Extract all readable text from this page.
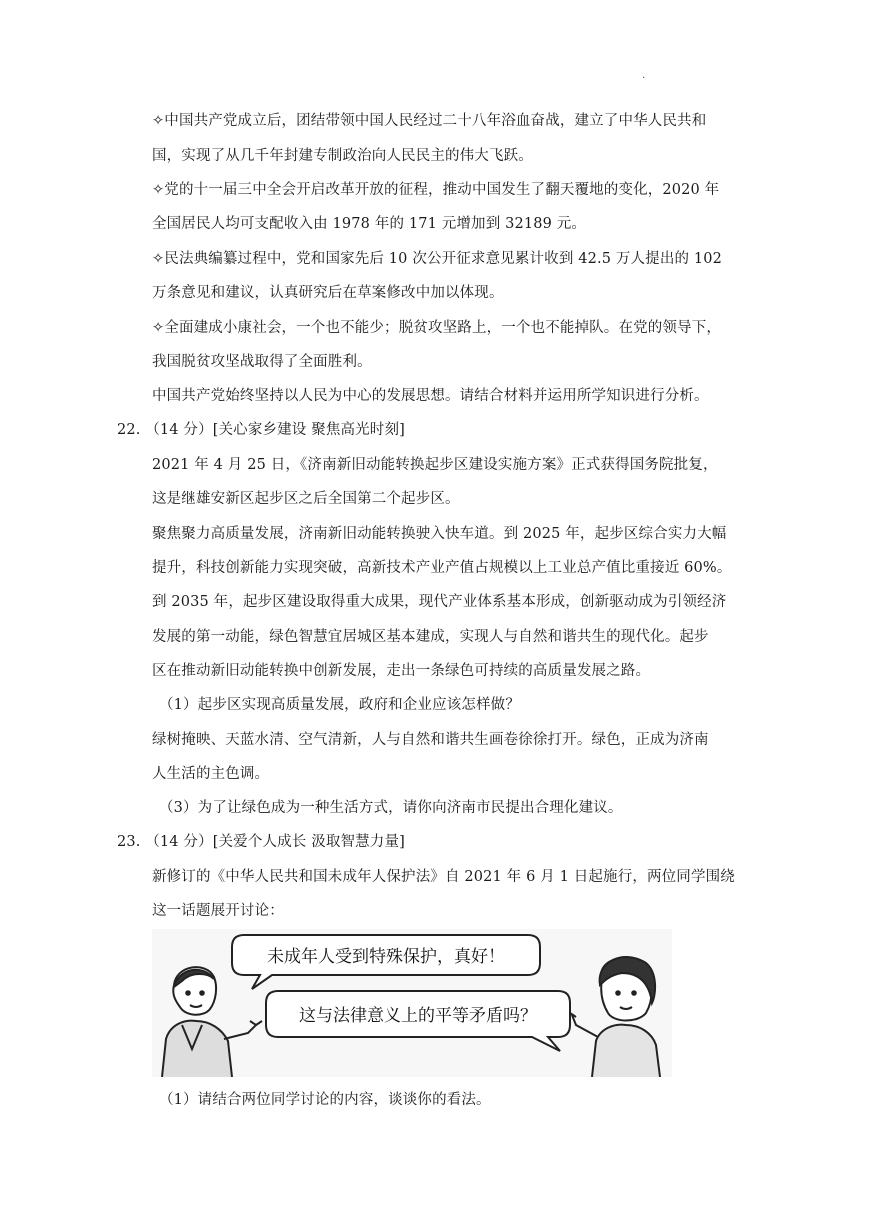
.
✧中国共产党成立后，团结带领中国人民经过二十八年浴血奋战，建立了中华人民共和
国，实现了从几千年封建专制政治向人民民主的伟大飞跃。
✧党的十一届三中全会开启改革开放的征程，推动中国发生了翻天覆地的变化，2020 年
全国居民人均可支配收入由 1978 年的 171 元增加到 32189 元。
✧民法典编纂过程中，党和国家先后 10 次公开征求意见累计收到 42.5 万人提出的 102
万条意见和建议，认真研究后在草案修改中加以体现。
✧全面建成小康社会，一个也不能少；脱贫攻坚路上，一个也不能掉队。在党的领导下，
我国脱贫攻坚战取得了全面胜利。
中国共产党始终坚持以人民为中心的发展思想。请结合材料并运用所学知识进行分析。
22. （14 分）[关心家乡建设 聚焦高光时刻]
2021 年 4 月 25 日，《济南新旧动能转换起步区建设实施方案》正式获得国务院批复，
这是继雄安新区起步区之后全国第二个起步区。
聚焦聚力高质量发展，济南新旧动能转换驶入快车道。到 2025 年，起步区综合实力大幅
提升，科技创新能力实现突破，高新技术产业产值占规模以上工业总产值比重接近 60%。
到 2035 年，起步区建设取得重大成果，现代产业体系基本形成，创新驱动成为引领经济
发展的第一动能，绿色智慧宜居城区基本建成，实现人与自然和谐共生的现代化。起步
区在推动新旧动能转换中创新发展，走出一条绿色可持续的高质量发展之路。
（1）起步区实现高质量发展，政府和企业应该怎样做？
绿树掩映、天蓝水清、空气清新，人与自然和谐共生画卷徐徐打开。绿色，正成为济南
人生活的主色调。
（3）为了让绿色成为一种生活方式，请你向济南市民提出合理化建议。
23. （14 分）[关爱个人成长 汲取智慧力量]
新修订的《中华人民共和国未成年人保护法》自 2021 年 6 月 1 日起施行，两位同学围绕
这一话题展开讨论：
未成年人受到特殊保护，真好！
这与法律意义上的平等矛盾吗？
（1）请结合两位同学讨论的内容，谈谈你的看法。
